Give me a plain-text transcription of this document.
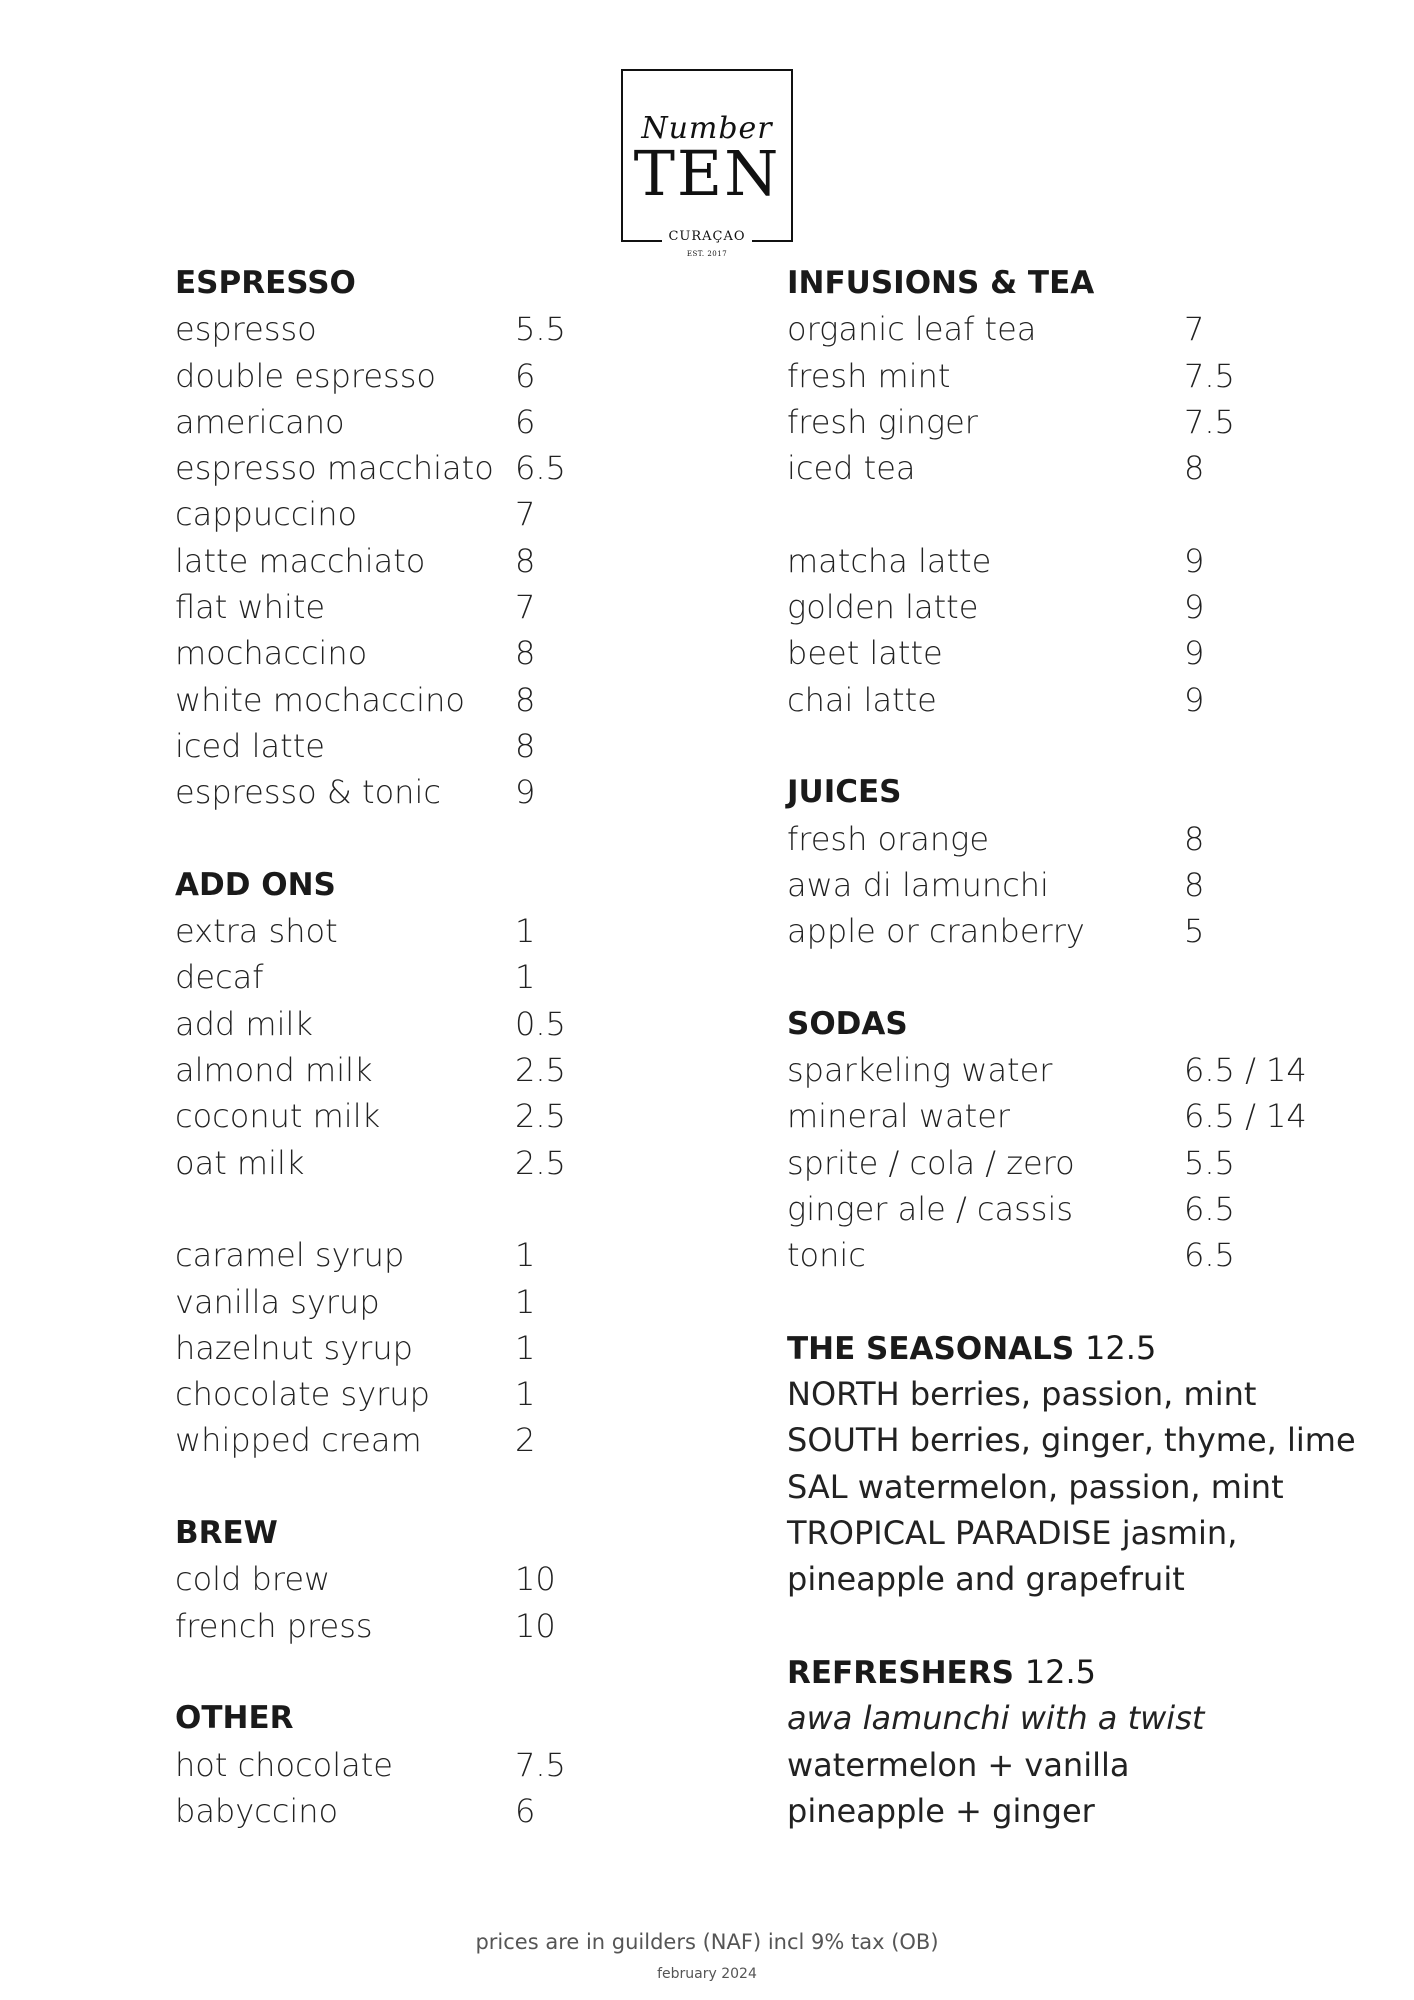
Number
TEN
CURAÇAO
EST. 2017
ESPRESSO
espresso	5.5
double espresso 6
americano	6
espresso macchiato 6.5
cappuccino	7
latte macchiato	8
flat white	7
mochaccino	8
white mochaccino 8
iced latte	8
espresso & tonic 9
ADD ONS
extra shot	1
decaf	1
add milk	0.5
almond milk	2.5
coconut milk	2.5
oat milk	2.5
caramel syrup	1
vanilla syrup	1
hazelnut syrup	1
chocolate syrup	1
whipped cream	2
BREW
cold brew	10
french press	10
OTHER
hot chocolate	7.5
babyccino	6
INFUSIONS & TEA
organic leaf tea	7
fresh mint	7.5
fresh ginger	7.5
iced tea	8
matcha latte	9
golden latte	9
beet latte	9
chai latte	9
JUICES
fresh orange	8
awa di lamunchi	8
apple or cranberry	5
SODAS
sparkeling water	6.5 / 14
mineral water	6.5 / 14
sprite / cola / zero	5.5
ginger ale / cassis	6.5
tonic	6.5
THE SEASONALS 12.5
NORTH berries, passion, mint
SOUTH berries, ginger, thyme, lime
SAL watermelon, passion, mint
TROPICAL PARADISE jasmin,
pineapple and grapefruit
REFRESHERS 12.5
awa lamunchi with a twist
watermelon + vanilla
pineapple + ginger
prices are in guilders (NAF) incl 9% tax (OB)
february 2024
